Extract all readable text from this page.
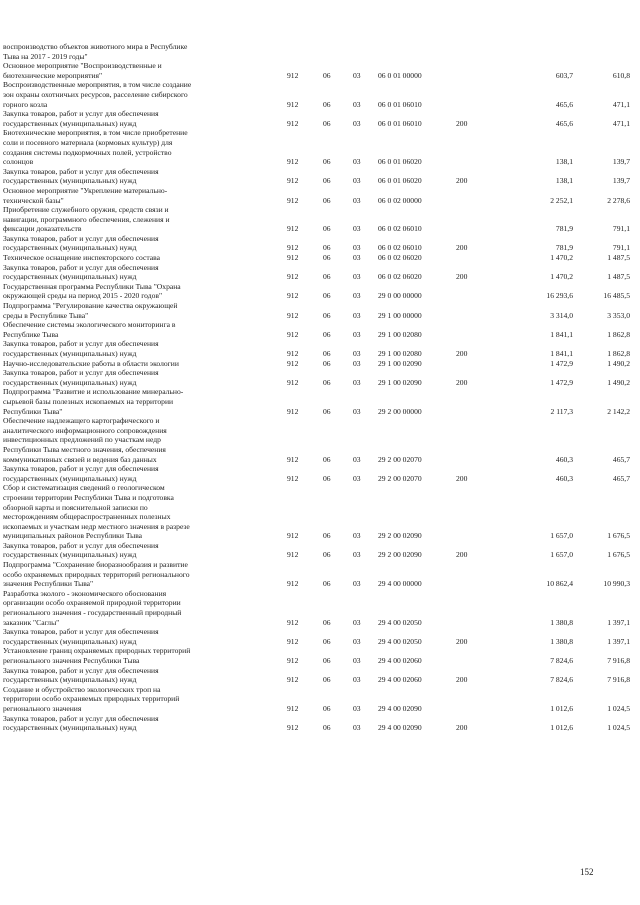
воспроизводство объектов животного мира в Республике
Тыва на 2017 - 2019 годы"
Основное мероприятие "Воспроизводственные и
биотехнические мероприятия"	912	06	03 06 0 01 00000	603,7	610,8
Воспроизводственные мероприятия, в том числе создание
зон охраны охотничьих ресурсов, расселение сибирского
горного козла	912	06	03 06 0 01 06010	465,6	471,1
Закупка товаров, работ и услуг для обеспечения
государственных (муниципальных) нужд	912	06	03 06 0 01 06010	200	465,6	471,1
Биотехнические мероприятия, в том числе приобретение
соли и посевного материала (кормовых культур) для
создания системы подкормочных полей, устройство
солонцов	912	06	03 06 0 01 06020	138,1	139,7
Закупка товаров, работ и услуг для обеспечения
государственных (муниципальных) нужд	912	06	03 06 0 01 06020	200	138,1	139,7
Основное мероприятие "Укрепление материально-
технической базы"	912	06	03 06 0 02 00000	2 252,1	2 278,6
Приобретение служебного оружия, средств связи и
навигации, программного обеспечения, слежения и
фиксации доказательств	912	06	03 06 0 02 06010	781,9	791,1
Закупка товаров, работ и услуг для обеспечения
государственных (муниципальных) нужд	912	06	03 06 0 02 06010	200	781,9	791,1
Техническое оснащение инспекторского состава	912	06	03 06 0 02 06020	1 470,2	1 487,5
Закупка товаров, работ и услуг для обеспечения
государственных (муниципальных) нужд	912	06	03 06 0 02 06020	200	1 470,2	1 487,5
Государственная программа Республики Тыва "Охрана
окружающей среды на период 2015 - 2020 годов"	912	06	03 29 0 00 00000	16 293,6	16 485,5
Подпрограмма "Регулирование качества окружающей
среды в Республике Тыва"	912	06	03 29 1 00 00000	3 314,0	3 353,0
Обеспечение системы экологического мониторинга в
Республике Тыва	912	06	03 29 1 00 02080	1 841,1	1 862,8
Закупка товаров, работ и услуг для обеспечения
государственных (муниципальных) нужд	912	06	03 29 1 00 02080	200	1 841,1	1 862,8
Научно-исследовательские работы в области экологии	912	06	03 29 1 00 02090	1 472,9	1 490,2
Закупка товаров, работ и услуг для обеспечения
государственных (муниципальных) нужд	912	06	03 29 1 00 02090	200	1 472,9	1 490,2
Подпрограмма "Развитие и использование минерально-
сырьевой базы полезных ископаемых на территории
Республики Тыва"	912	06	03 29 2 00 00000	2 117,3	2 142,2
Обеспечение надлежащего картографического и
аналитического информационного сопровождения
инвестиционных предложений по участкам недр
Республики Тыва местного значения, обеспечения
коммуникативных связей и ведения баз данных	912	06	03 29 2 00 02070	460,3	465,7
Закупка товаров, работ и услуг для обеспечения
государственных (муниципальных) нужд	912	06	03 29 2 00 02070	200	460,3	465,7
Сбор и систематизация сведений о геологическом
строении территории Республики Тыва и подготовка
обзорной карты и пояснительной записки по
месторождениям общераспространенных полезных
ископаемых и участкам недр местного значения в разрезе
муниципальных районов Республики Тыва	912	06	03 29 2 00 02090	1 657,0	1 676,5
Закупка товаров, работ и услуг для обеспечения
государственных (муниципальных) нужд	912	06	03 29 2 00 02090	200	1 657,0	1 676,5
Подпрограмма "Сохранение биоразнообразия и развитие
особо охраняемых природных территорий регионального
значения Республики Тыва"	912	06	03 29 4 00 00000	10 862,4	10 990,3
Разработка эколого - экономического обоснования
организации особо охраняемой природной территории
регионального значения - государственный природный
заказник "Саглы"	912	06	03 29 4 00 02050	1 380,8	1 397,1
Закупка товаров, работ и услуг для обеспечения
государственных (муниципальных) нужд	912	06	03 29 4 00 02050	200	1 380,8	1 397,1
Установление границ охраняемых природных территорий
регионального значения Республики Тыва	912	06	03 29 4 00 02060	7 824,6	7 916,8
Закупка товаров, работ и услуг для обеспечения
государственных (муниципальных) нужд	912	06	03 29 4 00 02060	200	7 824,6	7 916,8
Создание и обустройство экологических троп на
территории особо охраняемых природных территорий
регионального значения	912	06	03 29 4 00 02090	1 012,6	1 024,5
Закупка товаров, работ и услуг для обеспечения
государственных (муниципальных) нужд	912	06	03 29 4 00 02090	200	1 012,6	1 024,5
152
